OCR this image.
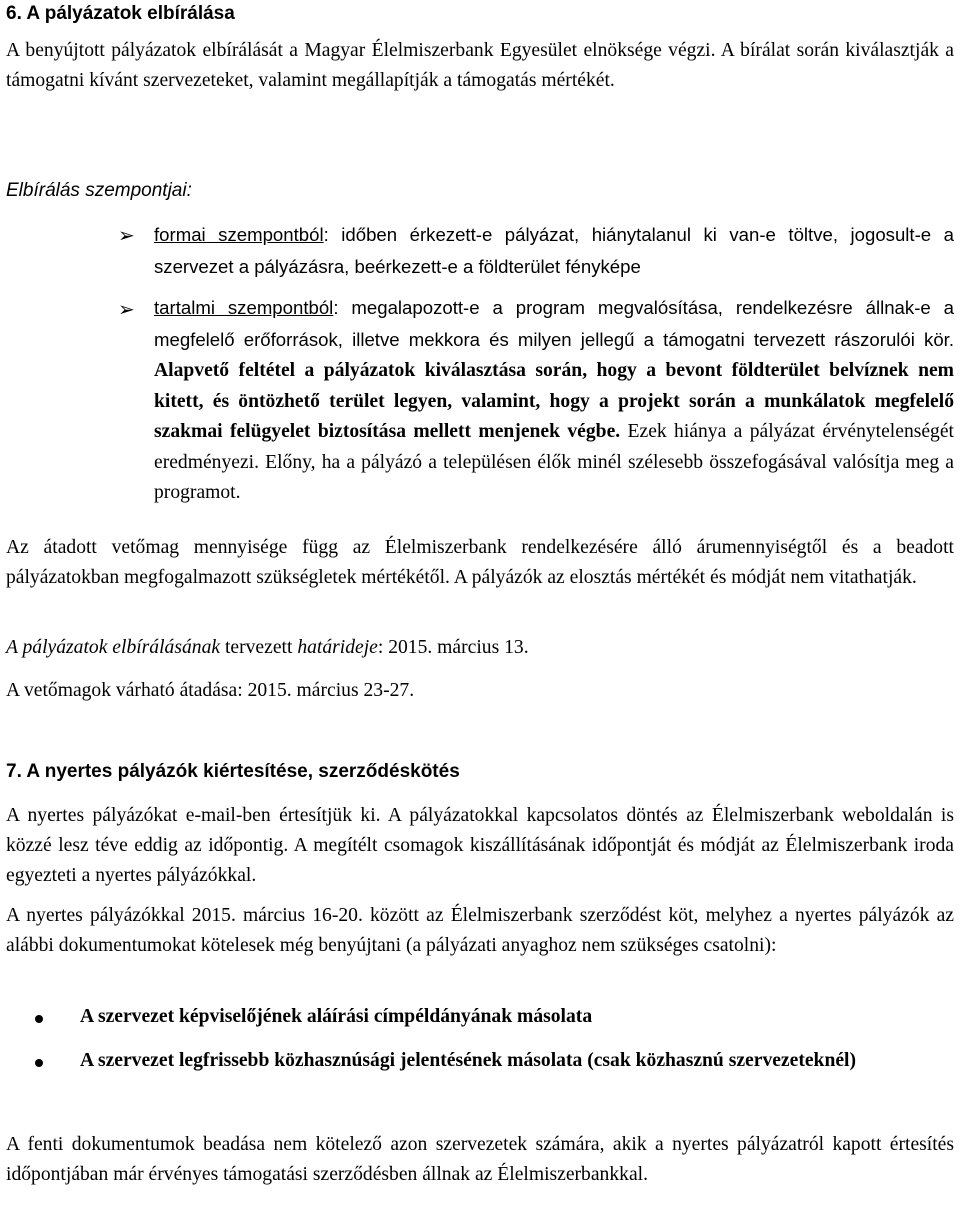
6. A pályázatok elbírálása

A benyújtott pályázatok elbírálását a Magyar Élelmiszerbank Egyesület elnöksége végzi. A bírálat során kiválasztják a támogatni kívánt szervezeteket, valamint megállapítják a támogatás mértékét.

Elbírálás szempontjai:

➢ formai szempontból: időben érkezett-e pályázat, hiánytalanul ki van-e töltve, jogosult-e a szervezet a pályázásra, beérkezett-e a földterület fényképe

➢ tartalmi szempontból: megalapozott-e a program megvalósítása, rendelkezésre állnak-e a megfelelő erőforrások, illetve mekkora és milyen jellegű a támogatni tervezett rászorulói kör. Alapvető feltétel a pályázatok kiválasztása során, hogy a bevont földterület belvíznek nem kitett, és öntözhető terület legyen, valamint, hogy a projekt során a munkálatok megfelelő szakmai felügyelet biztosítása mellett menjenek végbe. Ezek hiánya a pályázat érvénytelenségét eredményezi. Előny, ha a pályázó a településen élők minél szélesebb összefogásával valósítja meg a programot.

Az átadott vetőmag mennyisége függ az Élelmiszerbank rendelkezésére álló árumennyiségtől és a beadott pályázatokban megfogalmazott szükségletek mértékétől. A pályázók az elosztás mértékét és módját nem vitathatják.

A pályázatok elbírálásának tervezett határideje: 2015. március 13.

A vetőmagok várható átadása: 2015. március 23-27.

7. A nyertes pályázók kiértesítése, szerződéskötés

A nyertes pályázókat e-mail-ben értesítjük ki. A pályázatokkal kapcsolatos döntés az Élelmiszerbank weboldalán is közzé lesz téve eddig az időpontig. A megítélt csomagok kiszállításának időpontját és módját az Élelmiszerbank iroda egyezteti a nyertes pályázókkal.

A nyertes pályázókkal 2015. március 16-20. között az Élelmiszerbank szerződést köt, melyhez a nyertes pályázók az alábbi dokumentumokat kötelesek még benyújtani (a pályázati anyaghoz nem szükséges csatolni):

A szervezet képviselőjének aláírási címpéldányának másolata

A szervezet legfrissebb közhasznúsági jelentésének másolata (csak közhasznú szervezeteknél)

A fenti dokumentumok beadása nem kötelező azon szervezetek számára, akik a nyertes pályázatról kapott értesítés időpontjában már érvényes támogatási szerződésben állnak az Élelmiszerbankkal.
